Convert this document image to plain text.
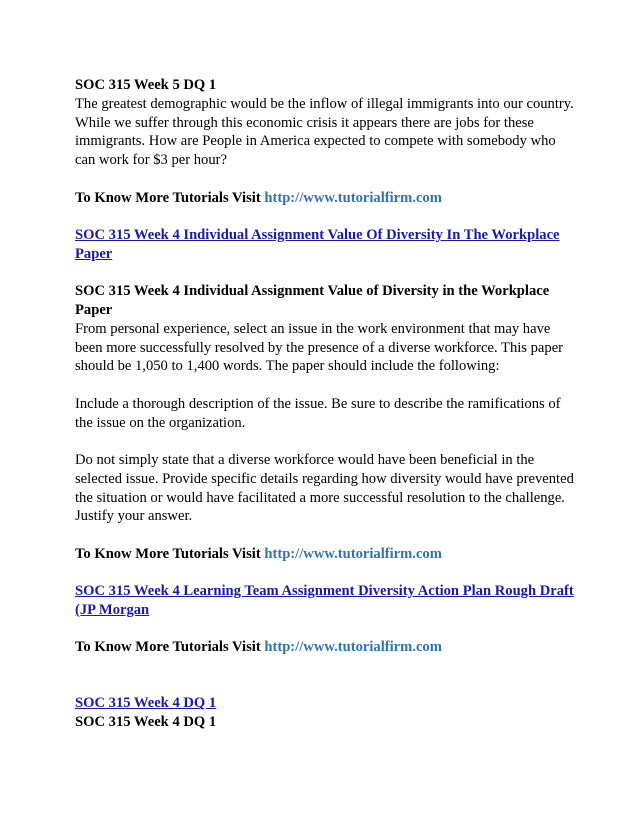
SOC 315 Week 5 DQ 1

The greatest demographic would be the inflow of illegal immigrants into our country. While we suffer through this economic crisis it appears there are jobs for these immigrants. How are People in America expected to compete with somebody who can work for $3 per hour?

To Know More Tutorials Visit http://www.tutorialfirm.com

SOC 315 Week 4 Individual Assignment Value Of Diversity In The Workplace Paper

SOC 315 Week 4 Individual Assignment Value of Diversity in the Workplace Paper

From personal experience, select an issue in the work environment that may have been more successfully resolved by the presence of a diverse workforce. This paper should be 1,050 to 1,400 words. The paper should include the following:

Include a thorough description of the issue. Be sure to describe the ramifications of the issue on the organization.

Do not simply state that a diverse workforce would have been beneficial in the selected issue. Provide specific details regarding how diversity would have prevented the situation or would have facilitated a more successful resolution to the challenge. Justify your answer.

To Know More Tutorials Visit http://www.tutorialfirm.com

SOC 315 Week 4 Learning Team Assignment Diversity Action Plan Rough Draft (JP Morgan

To Know More Tutorials Visit http://www.tutorialfirm.com

SOC 315 Week 4 DQ 1

SOC 315 Week 4 DQ 1
